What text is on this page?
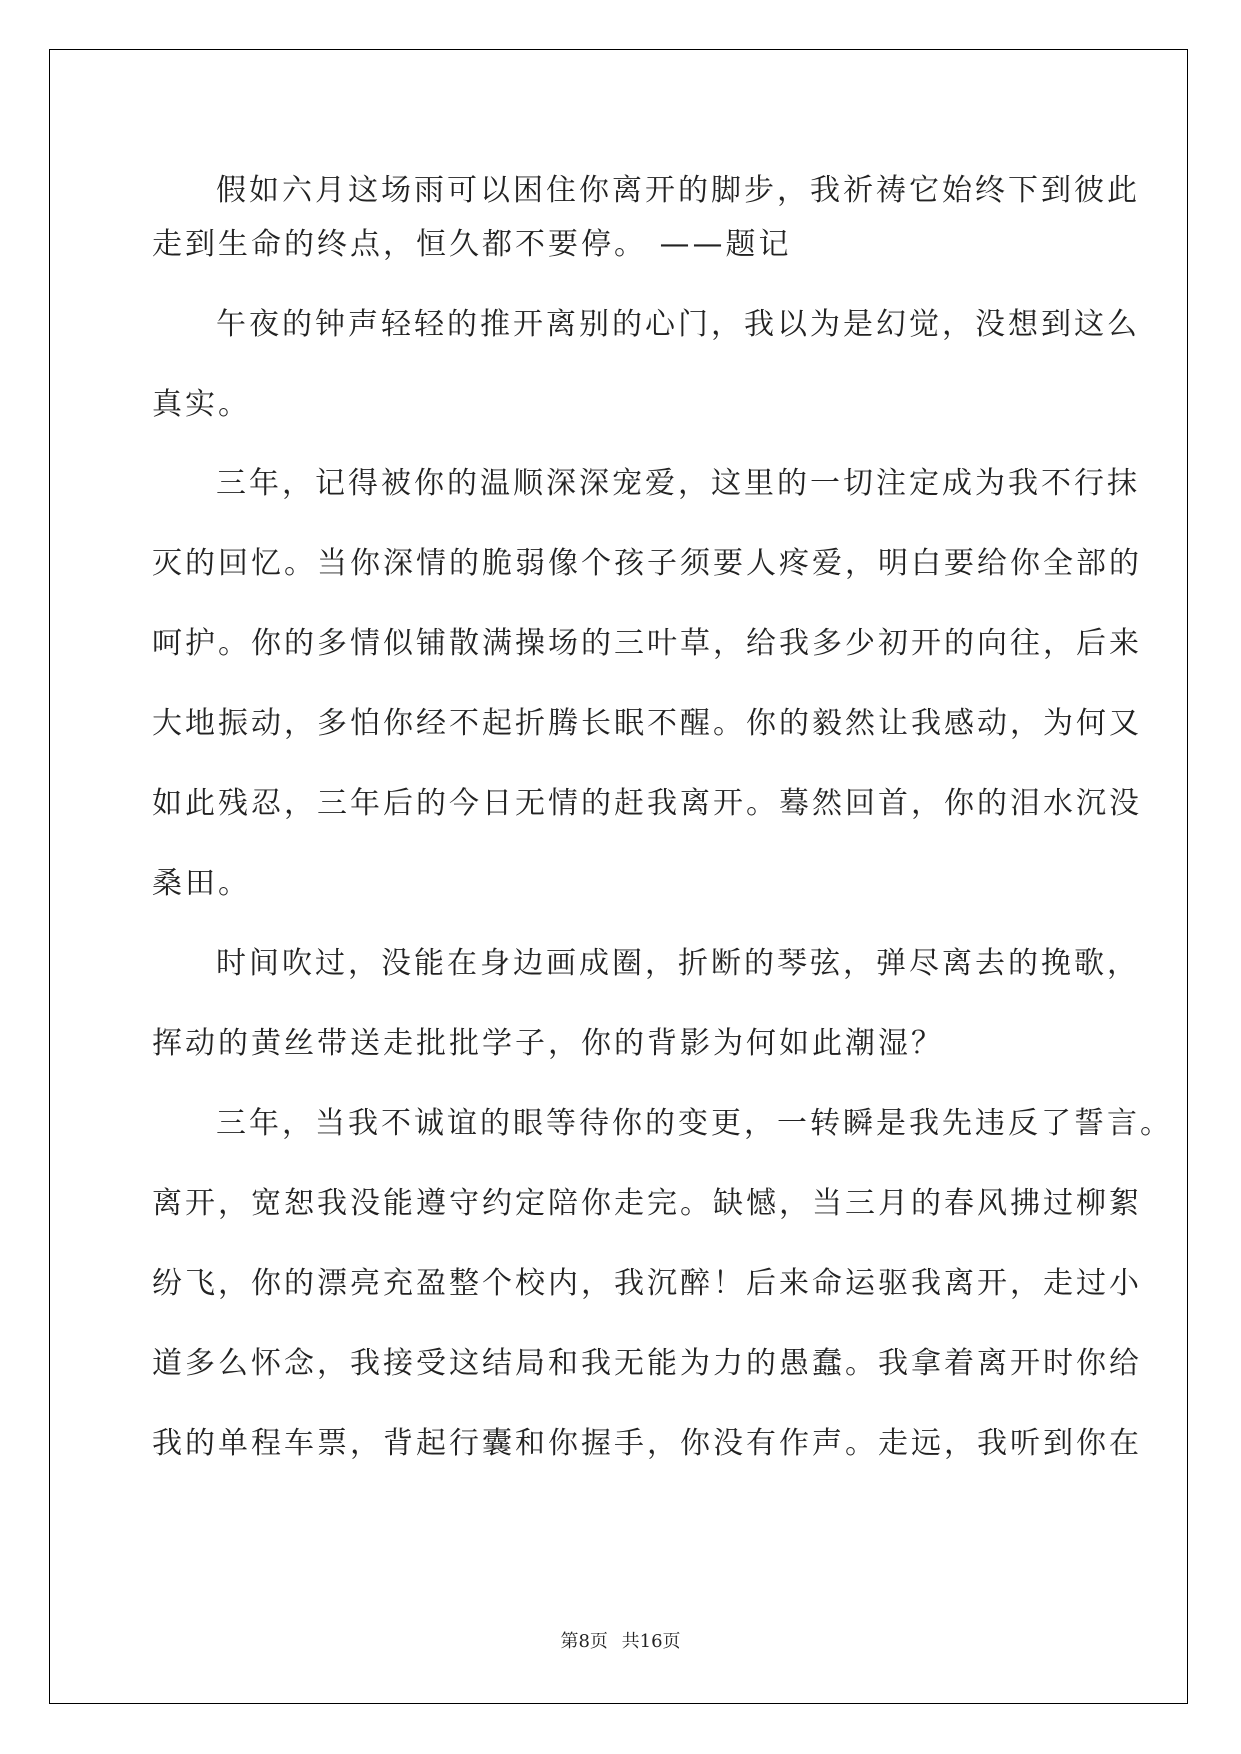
假如六月这场雨可以困住你离开的脚步，我祈祷它始终下到彼此
走到生命的终点，恒久都不要停。 ——题记
午夜的钟声轻轻的推开离别的心门，我以为是幻觉，没想到这么
真实。
三年，记得被你的温顺深深宠爱，这里的一切注定成为我不行抹
灭的回忆。当你深情的脆弱像个孩子须要人疼爱，明白要给你全部的
呵护。你的多情似铺散满操场的三叶草，给我多少初开的向往，后来
大地振动，多怕你经不起折腾长眠不醒。你的毅然让我感动，为何又
如此残忍，三年后的今日无情的赶我离开。蓦然回首，你的泪水沉没
桑田。
时间吹过，没能在身边画成圈，折断的琴弦，弹尽离去的挽歌，
挥动的黄丝带送走批批学子，你的背影为何如此潮湿？
三年，当我不诚谊的眼等待你的变更，一转瞬是我先违反了誓言。
离开，宽恕我没能遵守约定陪你走完。缺憾，当三月的春风拂过柳絮
纷飞，你的漂亮充盈整个校内，我沉醉！后来命运驱我离开，走过小
道多么怀念，我接受这结局和我无能为力的愚蠢。我拿着离开时你给
我的单程车票，背起行囊和你握手，你没有作声。走远，我听到你在
第8页 共16页
